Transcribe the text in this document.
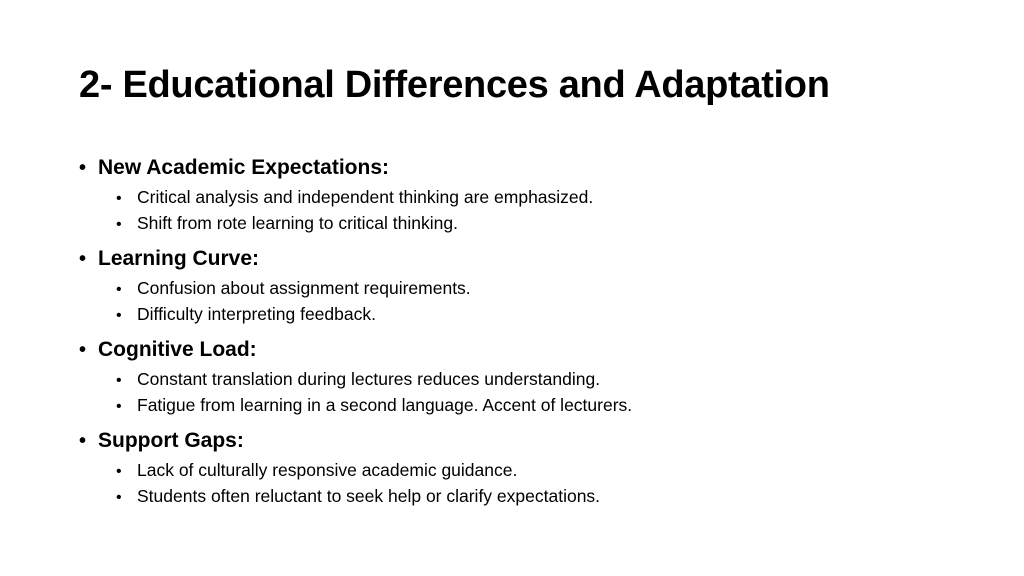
2- Educational Differences and Adaptation
• New Academic Expectations:
• Critical analysis and independent thinking are emphasized.
• Shift from rote learning to critical thinking.
• Learning Curve:
• Confusion about assignment requirements.
• Difficulty interpreting feedback.
• Cognitive Load:
• Constant translation during lectures reduces understanding.
• Fatigue from learning in a second language. Accent of lecturers.
• Support Gaps:
• Lack of culturally responsive academic guidance.
• Students often reluctant to seek help or clarify expectations.
